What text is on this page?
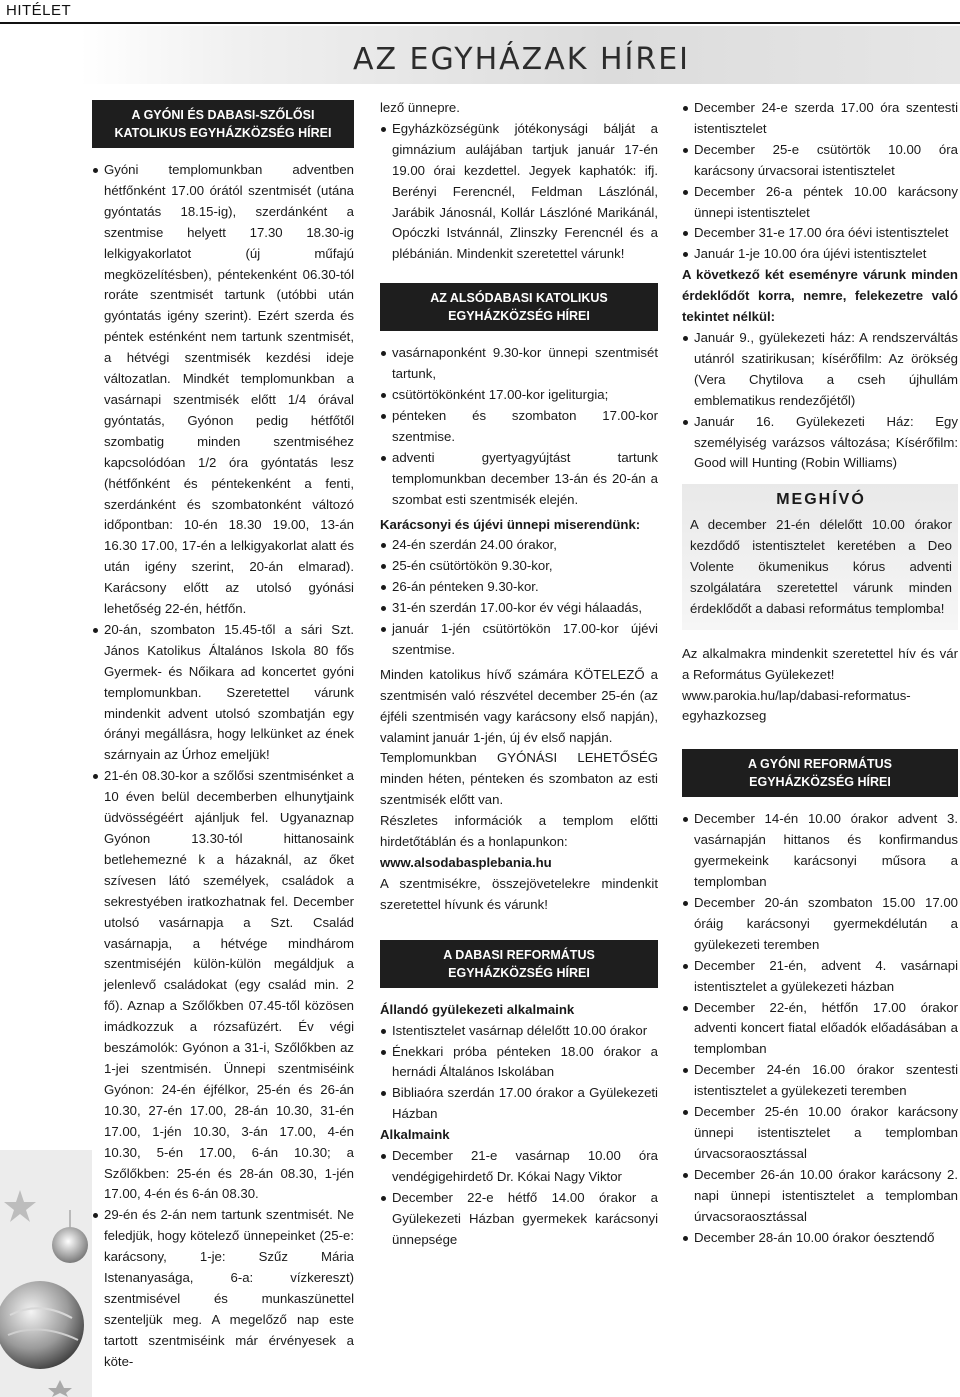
HITÉLET
AZ EGYHÁZAK HÍREI
A GYÓNI ÉS DABASI-SZŐLŐSI
KATOLIKUS EGYHÁZKÖZSÉG HÍREI
Gyóni templomunkban adventben hétfőnként 17.00 órától szentmisét (utána gyóntatás 18.15-ig), szerdánként a szentmise helyett 17.30 18.30-ig lelkigyakorlatot (új műfajú megközelítésben), péntekenként 06.30-tól roráte szentmisét tartunk (utóbbi után gyóntatás igény szerint). Ezért szerda és péntek esténként nem tartunk szentmisét, a hétvégi szentmisék kezdési ideje változatlan. Mindkét templomunkban a vasárnapi szentmisék előtt 1/4 órával gyóntatás, Gyónon pedig hétfőtől szombatig minden szentmiséhez kapcsolódóan 1/2 óra gyóntatás lesz (hétfőnként és péntekenként a fenti, szerdánként és szombatonként változó időpontban: 10-én 18.30 19.00, 13-án 16.30 17.00, 17-én a lelkigyakorlat alatt és után igény szerint, 20-án elmarad). Karácsony előtt az utolsó gyónási lehetőség 22-én, hétfőn.
20-án, szombaton 15.45-től a sári Szt. János Katolikus Általános Iskola 80 fős Gyermek- és Nőikara ad koncertet gyóni templomunkban. Szeretettel várunk mindenkit advent utolsó szombatján egy órányi megállásra, hogy lelkünket az ének szárnyain az Úrhoz emeljük!
21-én 08.30-kor a szőlősi szentmisénket a 10 éven belül decemberben elhunytjaink üdvösségéért ajánljuk fel. Ugyanaznap Gyónon 13.30-tól hittanosaink betlehemezné k a házaknál, az őket szívesen látó személyek, családok a sekrestyében iratkozhatnak fel. December utolsó vasárnapja a Szt. Család vasárnapja, a hétvége mindhárom szentmiséjén külön-külön megáldjuk a jelenlevő családokat (egy család min. 2 fő). Aznap a Szőlőkben 07.45-től közösen imádkozzuk a rózsafüzért. Év végi beszámolók: Gyónon a 31-i, Szőlőkben az 1-jei szentmisén. Ünnepi szentmiséink Gyónon: 24-én éjfélkor, 25-én és 26-án 10.30, 27-én 17.00, 28-án 10.30, 31-én 17.00, 1-jén 10.30, 3-án 17.00, 4-én 10.30, 5-én 17.00, 6-án 10.30; a Szőlőkben: 25-én és 28-án 08.30, 1-jén 17.00, 4-én és 6-án 08.30.
29-én és 2-án nem tartunk szentmisét. Ne feledjük, hogy kötelező ünnepeinket (25-e: karácsony, 1-je: Szűz Mária Istenanyasága, 6-a: vízkereszt) szentmisével és munkaszünettel szenteljük meg. A megelőző nap este tartott szentmiséink már érvényesek a köte-

lező ünnepre.

Egyházközségünk jótékonysági bálját a gimnázium aulájában tartjuk január 17-én 19.00 órai kezdettel. Jegyek kaphatók: ifj. Berényi Ferencnél, Feldman Lászlónál, Jarábik Jánosnál, Kollár Lászlóné Marikánál, Opóczki Istvánnál, Zlinszky Ferencnél és a plébánián. Mindenkit szeretettel várunk!
AZ ALSÓDABASI KATOLIKUS
EGYHÁZKÖZSÉG HÍREI
vasárnaponként 9.30-kor ünnepi szentmisét tartunk,
csütörtökönként 17.00-kor igeliturgia;
pénteken és szombaton 17.00-kor szentmise.
adventi gyertyagyújtást tartunk templomunkban december 13-án és 20-án a szombat esti szentmisék elején.

Karácsonyi és újévi ünnepi miserendünk:

24-én szerdán 24.00 órakor,
25-én csütörtökön 9.30-kor,
26-án pénteken 9.30-kor.
31-én szerdán 17.00-kor év végi hálaadás,
január 1-jén csütörtökön 17.00-kor újévi szentmise.

Minden katolikus hívő számára KÖTELEZŐ a szentmisén való részvétel december 25-én (az éjféli szentmisén vagy karácsony első napján), valamint január 1-jén, új év első napján.

Templomunkban GYÓNÁSI LEHETŐSÉG minden héten, pénteken és szombaton az esti szentmisék előtt van.

Részletes információk a templom előtti hirdetőtáblán és a honlapunkon:

www.alsodabasplebania.hu

A szentmisékre, összejövetelekre mindenkit szeretettel hívunk és várunk!

A DABASI REFORMÁTUS
EGYHÁZKÖZSÉG HÍREI

Állandó gyülekezeti alkalmaink

Istentisztelet vasárnap délelőtt 10.00 órakor
Énekkari próba pénteken 18.00 órakor a hernádi Általános Iskolában
Bibliaóra szerdán 17.00 órakor a Gyülekezeti Házban

Alkalmaink

December 21-e vasárnap 10.00 óra vendégigehirdető Dr. Kókai Nagy Viktor
December 22-e hétfő 14.00 órakor a Gyülekezeti Házban gyermekek karácsonyi ünnepsége
December 24-e szerda 17.00 óra szentesti istentisztelet
December 25-e csütörtök 10.00 óra karácsony úrvacsorai istentisztelet
December 26-a péntek 10.00 karácsony ünnepi istentisztelet
December 31-e 17.00 óra óévi istentisztelet
Január 1-je 10.00 óra újévi istentisztelet

A következő két eseményre várunk minden érdeklődőt korra, nemre, felekezetre való tekintet nélkül:

Január 9., gyülekezeti ház: A rendszerváltás utánról szatirikusan; kísérőfilm: Az örökség (Vera Chytilova a cseh újhullám emblematikus rendezőjétől)
Január 16. Gyülekezeti Ház: Egy személyiség varázsos változása; Kísérőfilm: Good will Hunting (Robin Williams)
MEGHÍVÓ

A december 21-én délelőtt 10.00 órakor kezdődő istentisztelet keretében a Deo Volente ökumenikus kórus adventi szolgálatára szeretettel várunk minden érdeklődőt a dabasi református templomba!

Az alkalmakra mindenkit szeretettel hív és vár a Református Gyülekezet!

www.parokia.hu/lap/dabasi-reformatus-egyhazkozseg

A GYÓNI REFORMÁTUS
EGYHÁZKÖZSÉG HÍREI
December 14-én 10.00 órakor advent 3. vasárnapján hittanos és konfirmandus gyermekeink karácsonyi műsora a templomban
December 20-án szombaton 15.00 17.00 óráig karácsonyi gyermekdélután a gyülekezeti teremben
December 21-én, advent 4. vasárnapi istentisztelet a gyülekezeti házban
December 22-én, hétfőn 17.00 órakor adventi koncert fiatal előadók előadásában a templomban
December 24-én 16.00 órakor szentesti istentisztelet a gyülekezeti teremben
December 25-én 10.00 órakor karácsony ünnepi istentisztelet a templomban úrvacsoraosztással
December 26-án 10.00 órakor karácsony 2. napi ünnepi istentisztelet a templomban úrvacsoraosztással
December 28-án 10.00 órakor óesztendő
